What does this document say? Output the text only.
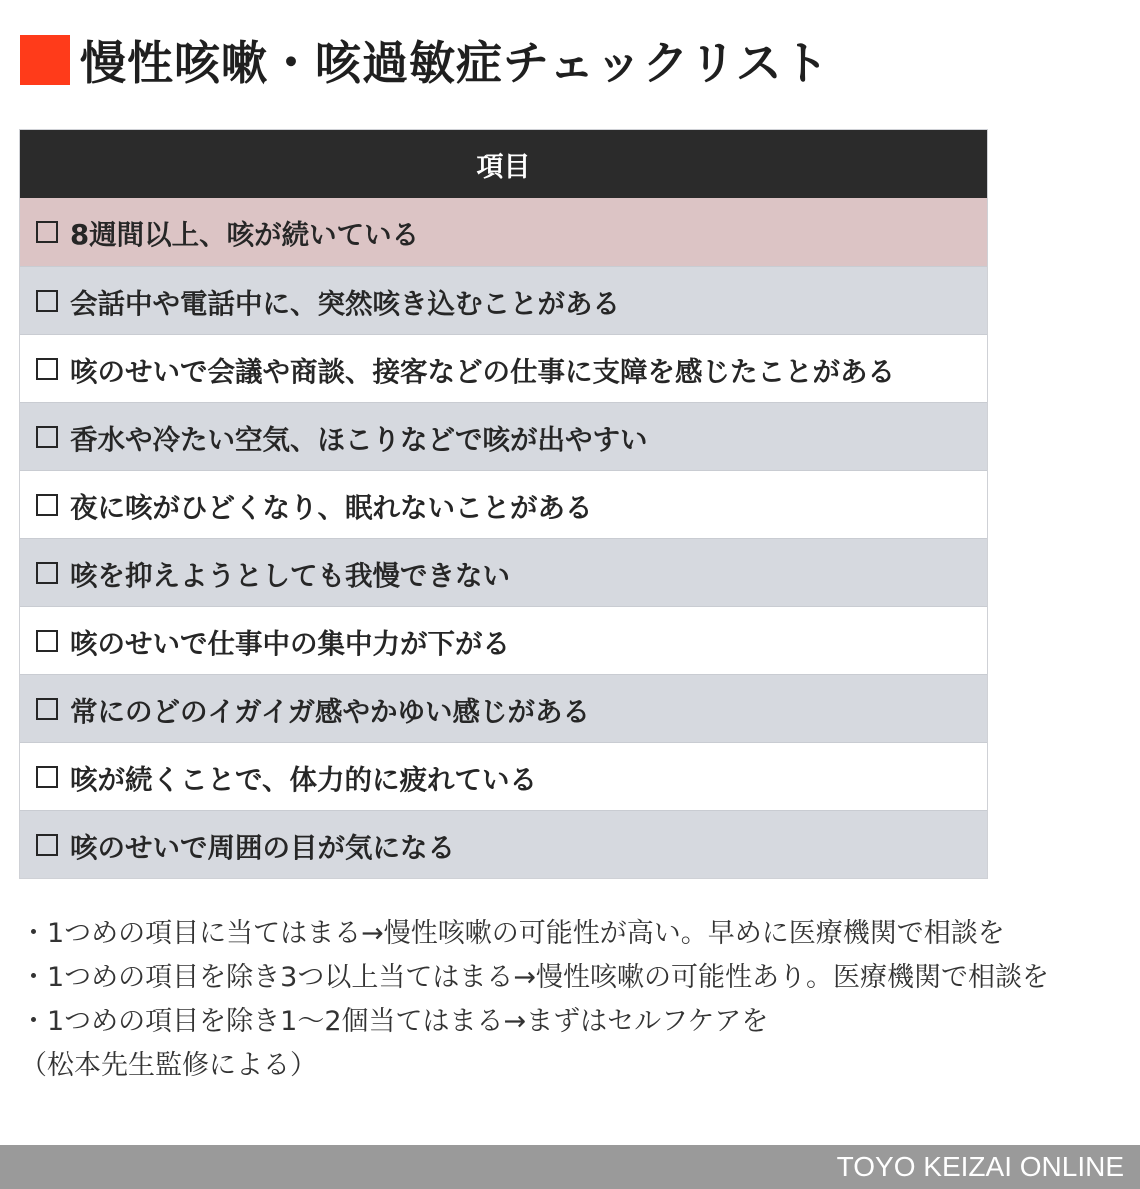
慢性咳嗽・咳過敏症チェックリスト
項目
8週間以上、咳が続いている
会話中や電話中に、突然咳き込むことがある
咳のせいで会議や商談、接客などの仕事に支障を感じたことがある
香水や冷たい空気、ほこりなどで咳が出やすい
夜に咳がひどくなり、眠れないことがある
咳を抑えようとしても我慢できない
咳のせいで仕事中の集中力が下がる
常にのどのイガイガ感やかゆい感じがある
咳が続くことで、体力的に疲れている
咳のせいで周囲の目が気になる

・1つめの項目に当てはまる→慢性咳嗽の可能性が高い。早めに医療機関で相談を

・1つめの項目を除き3つ以上当てはまる→慢性咳嗽の可能性あり。医療機関で相談を

・1つめの項目を除き1〜2個当てはまる→まずはセルフケアを

（松本先生監修による）

TOYO KEIZAI ONLINE
